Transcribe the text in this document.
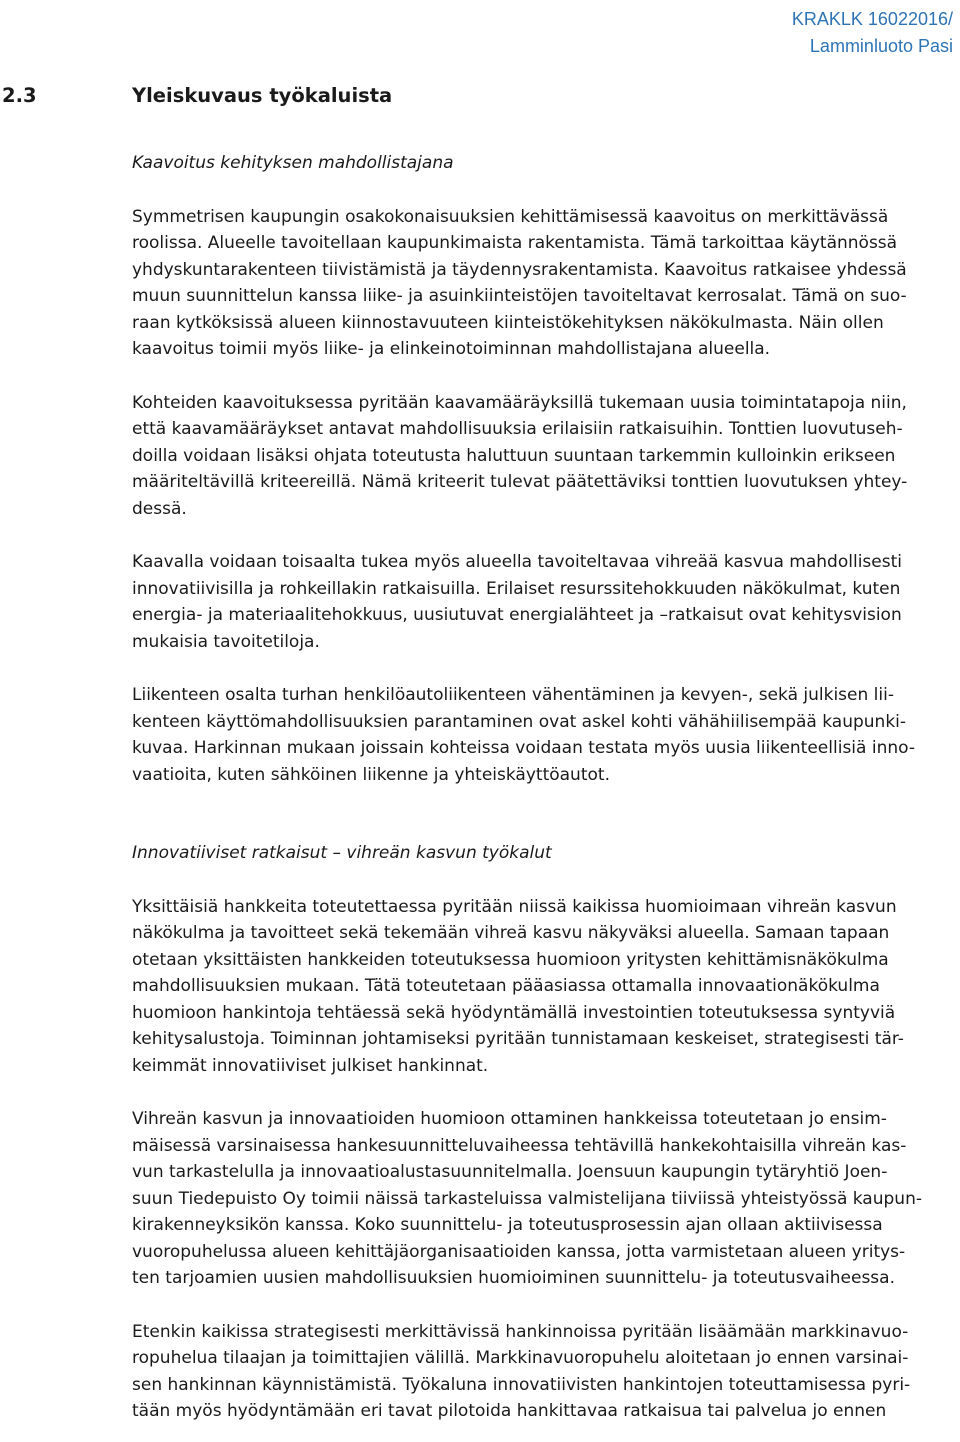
KRAKLK 16022016/
Lamminluoto Pasi
2.3	Yleiskuvaus työkaluista

Kaavoitus kehityksen mahdollistajana

Symmetrisen kaupungin osakokonaisuuksien kehittämisessä kaavoitus on merkittävässä
roolissa. Alueelle tavoitellaan kaupunkimaista rakentamista. Tämä tarkoittaa käytännössä
yhdyskuntarakenteen tiivistämistä ja täydennysrakentamista. Kaavoitus ratkaisee yhdessä
muun suunnittelun kanssa liike- ja asuinkiinteistöjen tavoiteltavat kerrosalat. Tämä on suo-
raan kytköksissä alueen kiinnostavuuteen kiinteistökehityksen näkökulmasta. Näin ollen
kaavoitus toimii myös liike- ja elinkeinotoiminnan mahdollistajana alueella.

Kohteiden kaavoituksessa pyritään kaavamääräyksillä tukemaan uusia toimintatapoja niin,
että kaavamääräykset antavat mahdollisuuksia erilaisiin ratkaisuihin. Tonttien luovutuseh-
doilla voidaan lisäksi ohjata toteutusta haluttuun suuntaan tarkemmin kulloinkin erikseen
määriteltävillä kriteereillä. Nämä kriteerit tulevat päätettäviksi tonttien luovutuksen yhtey-
dessä.

Kaavalla voidaan toisaalta tukea myös alueella tavoiteltavaa vihreää kasvua mahdollisesti
innovatiivisilla ja rohkeillakin ratkaisuilla. Erilaiset resurssitehokkuuden näkökulmat, kuten
energia- ja materiaalitehokkuus, uusiutuvat energialähteet ja –ratkaisut ovat kehitysvision
mukaisia tavoitetiloja.

Liikenteen osalta turhan henkilöautoliikenteen vähentäminen ja kevyen-, sekä julkisen lii-
kenteen käyttömahdollisuuksien parantaminen ovat askel kohti vähähiilisempää kaupunki-
kuvaa. Harkinnan mukaan joissain kohteissa voidaan testata myös uusia liikenteellisiä inno-
vaatioita, kuten sähköinen liikenne ja yhteiskäyttöautot.

Innovatiiviset ratkaisut – vihreän kasvun työkalut

Yksittäisiä hankkeita toteutettaessa pyritään niissä kaikissa huomioimaan vihreän kasvun
näkökulma ja tavoitteet sekä tekemään vihreä kasvu näkyväksi alueella. Samaan tapaan
otetaan yksittäisten hankkeiden toteutuksessa huomioon yritysten kehittämisnäkökulma
mahdollisuuksien mukaan. Tätä toteutetaan pääasiassa ottamalla innovaationäkökulma
huomioon hankintoja tehtäessä sekä hyödyntämällä investointien toteutuksessa syntyviä
kehitysalustoja. Toiminnan johtamiseksi pyritään tunnistamaan keskeiset, strategisesti tär-
keimmät innovatiiviset julkiset hankinnat.

Vihreän kasvun ja innovaatioiden huomioon ottaminen hankkeissa toteutetaan jo ensim-
mäisessä varsinaisessa hankesuunnitteluvaiheessa tehtävillä hankekohtaisilla vihreän kas-
vun tarkastelulla ja innovaatioalustasuunnitelmalla. Joensuun kaupungin tytäryhtiö Joen-
suun Tiedepuisto Oy toimii näissä tarkasteluissa valmistelijana tiiviissä yhteistyössä kaupun-
kirakenneyksikön kanssa. Koko suunnittelu- ja toteutusprosessin ajan ollaan aktiivisessa
vuoropuhelussa alueen kehittäjäorganisaatioiden kanssa, jotta varmistetaan alueen yritys-
ten tarjoamien uusien mahdollisuuksien huomioiminen suunnittelu- ja toteutusvaiheessa.

Etenkin kaikissa strategisesti merkittävissä hankinnoissa pyritään lisäämään markkinavuo-
ropuhelua tilaajan ja toimittajien välillä. Markkinavuoropuhelu aloitetaan jo ennen varsinai-
sen hankinnan käynnistämistä. Työkaluna innovatiivisten hankintojen toteuttamisessa pyri-
tään myös hyödyntämään eri tavat pilotoida hankittavaa ratkaisua tai palvelua jo ennen
